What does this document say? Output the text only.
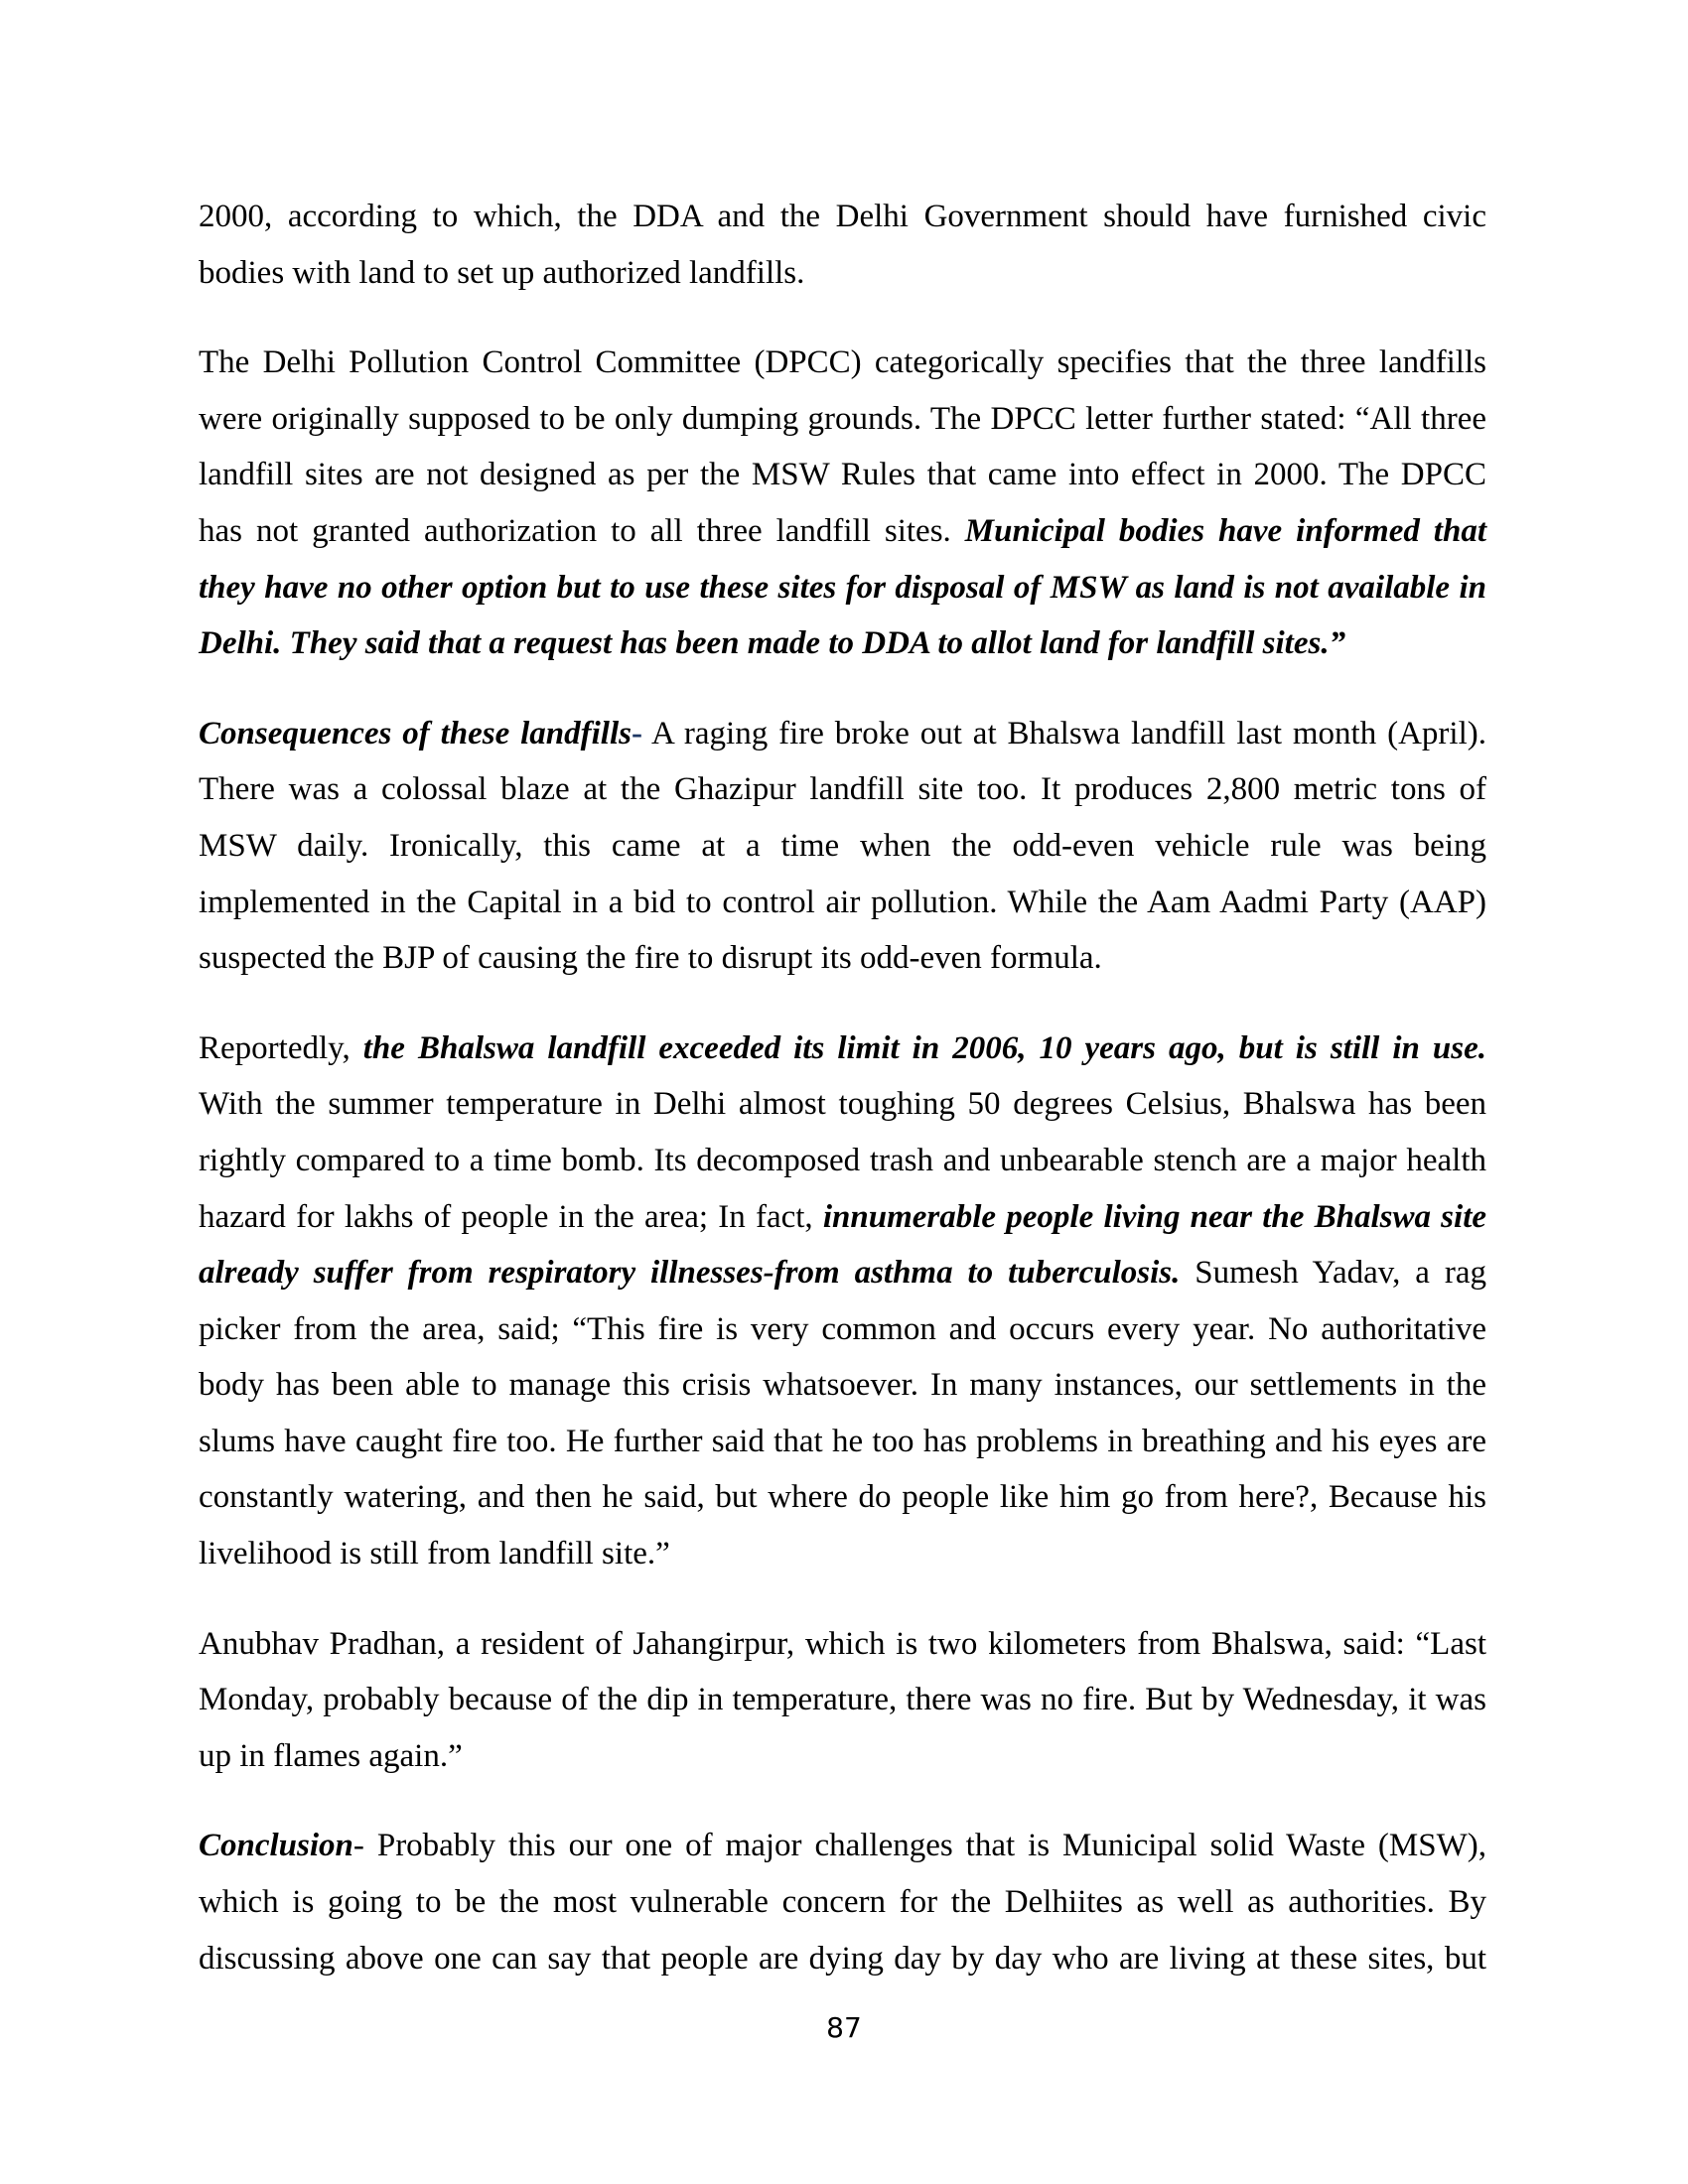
2000, according to which, the DDA and the Delhi Government should have furnished civic
bodies with land to set up authorized landfills.
The Delhi Pollution Control Committee (DPCC) categorically specifies that the three landfills
were originally supposed to be only dumping grounds. The DPCC letter further stated: “All three
landfill sites are not designed as per the MSW Rules that came into effect in 2000. The DPCC
has not granted authorization to all three landfill sites. Municipal bodies have informed that
they have no other option but to use these sites for disposal of MSW as land is not available in
Delhi. They said that a request has been made to DDA to allot land for landfill sites.”
Consequences of these landfills- A raging fire broke out at Bhalswa landfill last month (April).
There was a colossal blaze at the Ghazipur landfill site too. It produces 2,800 metric tons of
MSW daily. Ironically, this came at a time when the odd-even vehicle rule was being
implemented in the Capital in a bid to control air pollution. While the Aam Aadmi Party (AAP)
suspected the BJP of causing the fire to disrupt its odd-even formula.
Reportedly, the Bhalswa landfill exceeded its limit in 2006, 10 years ago, but is still in use.
With the summer temperature in Delhi almost toughing 50 degrees Celsius, Bhalswa has been
rightly compared to a time bomb. Its decomposed trash and unbearable stench are a major health
hazard for lakhs of people in the area; In fact, innumerable people living near the Bhalswa site
already suffer from respiratory illnesses-from asthma to tuberculosis. Sumesh Yadav, a rag
picker from the area, said; “This fire is very common and occurs every year. No authoritative
body has been able to manage this crisis whatsoever. In many instances, our settlements in the
slums have caught fire too. He further said that he too has problems in breathing and his eyes are
constantly watering, and then he said, but where do people like him go from here?, Because his
livelihood is still from landfill site.”
Anubhav Pradhan, a resident of Jahangirpur, which is two kilometers from Bhalswa, said: “Last
Monday, probably because of the dip in temperature, there was no fire. But by Wednesday, it was
up in flames again.”
Conclusion- Probably this our one of major challenges that is Municipal solid Waste (MSW),
which is going to be the most vulnerable concern for the Delhiites as well as authorities. By
discussing above one can say that people are dying day by day who are living at these sites, but
87
